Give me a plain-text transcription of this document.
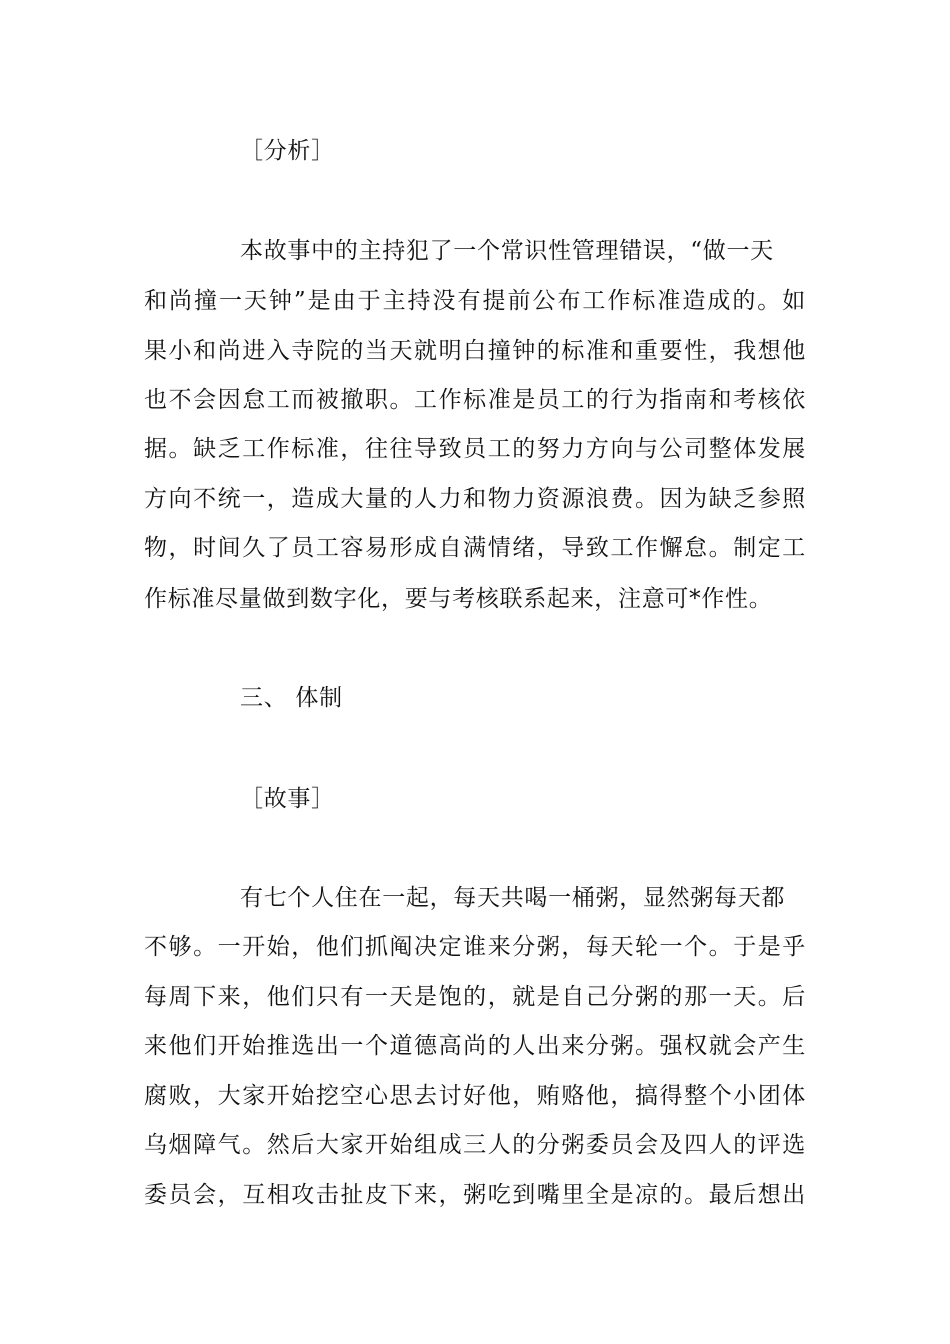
［分析］
本故事中的主持犯了一个常识性管理错误，“做一天
和尚撞一天钟”是由于主持没有提前公布工作标准造成的。如
果小和尚进入寺院的当天就明白撞钟的标准和重要性，我想他
也不会因怠工而被撤职。工作标准是员工的行为指南和考核依
据。缺乏工作标准，往往导致员工的努力方向与公司整体发展
方向不统一，造成大量的人力和物力资源浪费。因为缺乏参照
物，时间久了员工容易形成自满情绪，导致工作懈怠。制定工
作标准尽量做到数字化，要与考核联系起来，注意可*作性。
三、 体制
［故事］
有七个人住在一起，每天共喝一桶粥，显然粥每天都
不够。一开始，他们抓阄决定谁来分粥，每天轮一个。于是乎
每周下来，他们只有一天是饱的，就是自己分粥的那一天。后
来他们开始推选出一个道德高尚的人出来分粥。强权就会产生
腐败，大家开始挖空心思去讨好他，贿赂他，搞得整个小团体
乌烟障气。然后大家开始组成三人的分粥委员会及四人的评选
委员会，互相攻击扯皮下来，粥吃到嘴里全是凉的。最后想出
